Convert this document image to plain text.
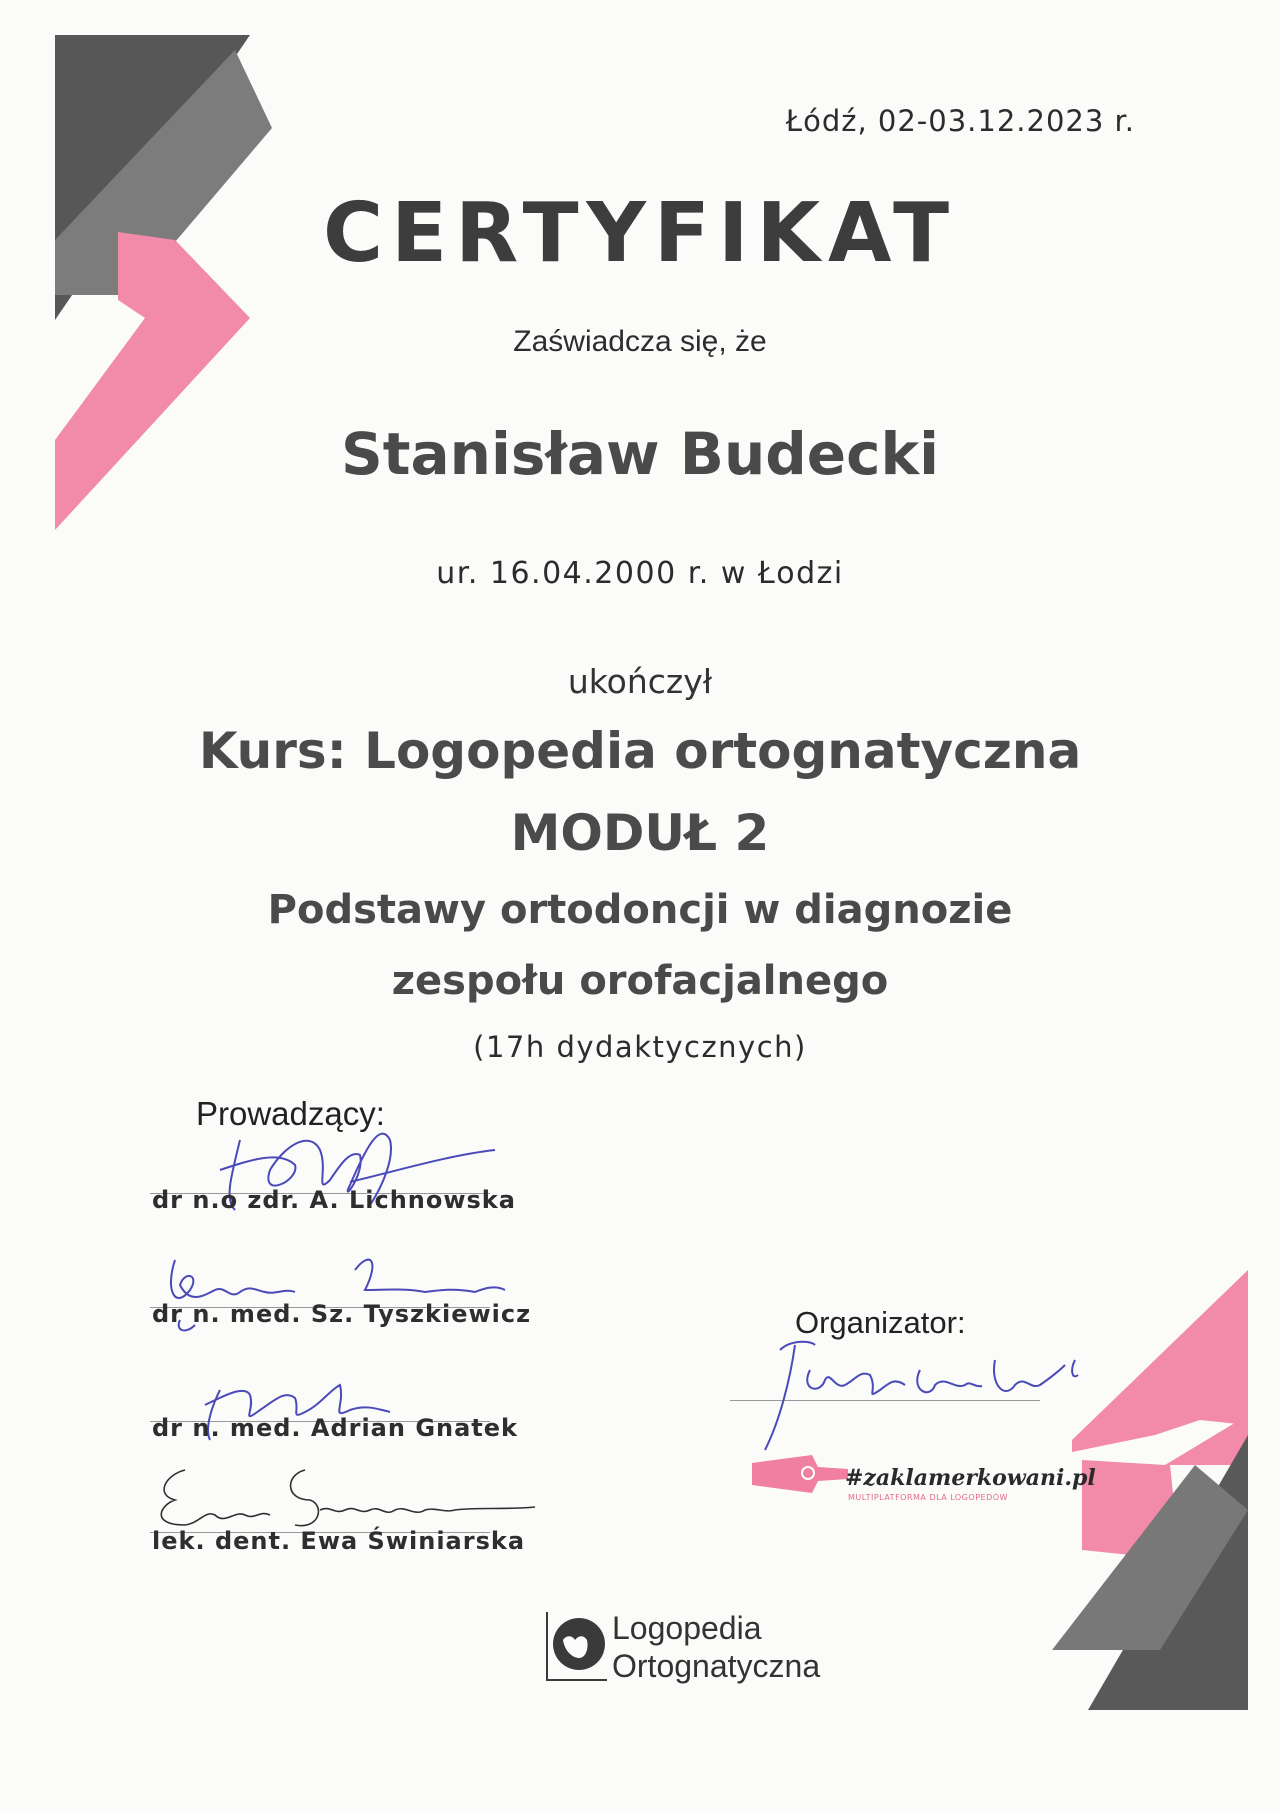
Łódź, 02-03.12.2023 r.
CERTYFIKAT
Zaświadcza się, że
Stanisław Budecki
ur. 16.04.2000 r. w Łodzi
ukończył
Kurs: Logopedia ortognatyczna
MODUŁ 2
Podstawy ortodoncji w diagnozie
zespołu orofacjalnego
(17h dydaktycznych)
Prowadzący:
dr n.o zdr. A. Lichnowska
dr n. med. Sz. Tyszkiewicz
dr n. med. Adrian Gnatek
lek. dent. Ewa Świniarska
Organizator:
#zaklamerkowani.pl
MULTIPLATFORMA DLA LOGOPEDÓW
Logopedia
Ortognatyczna
